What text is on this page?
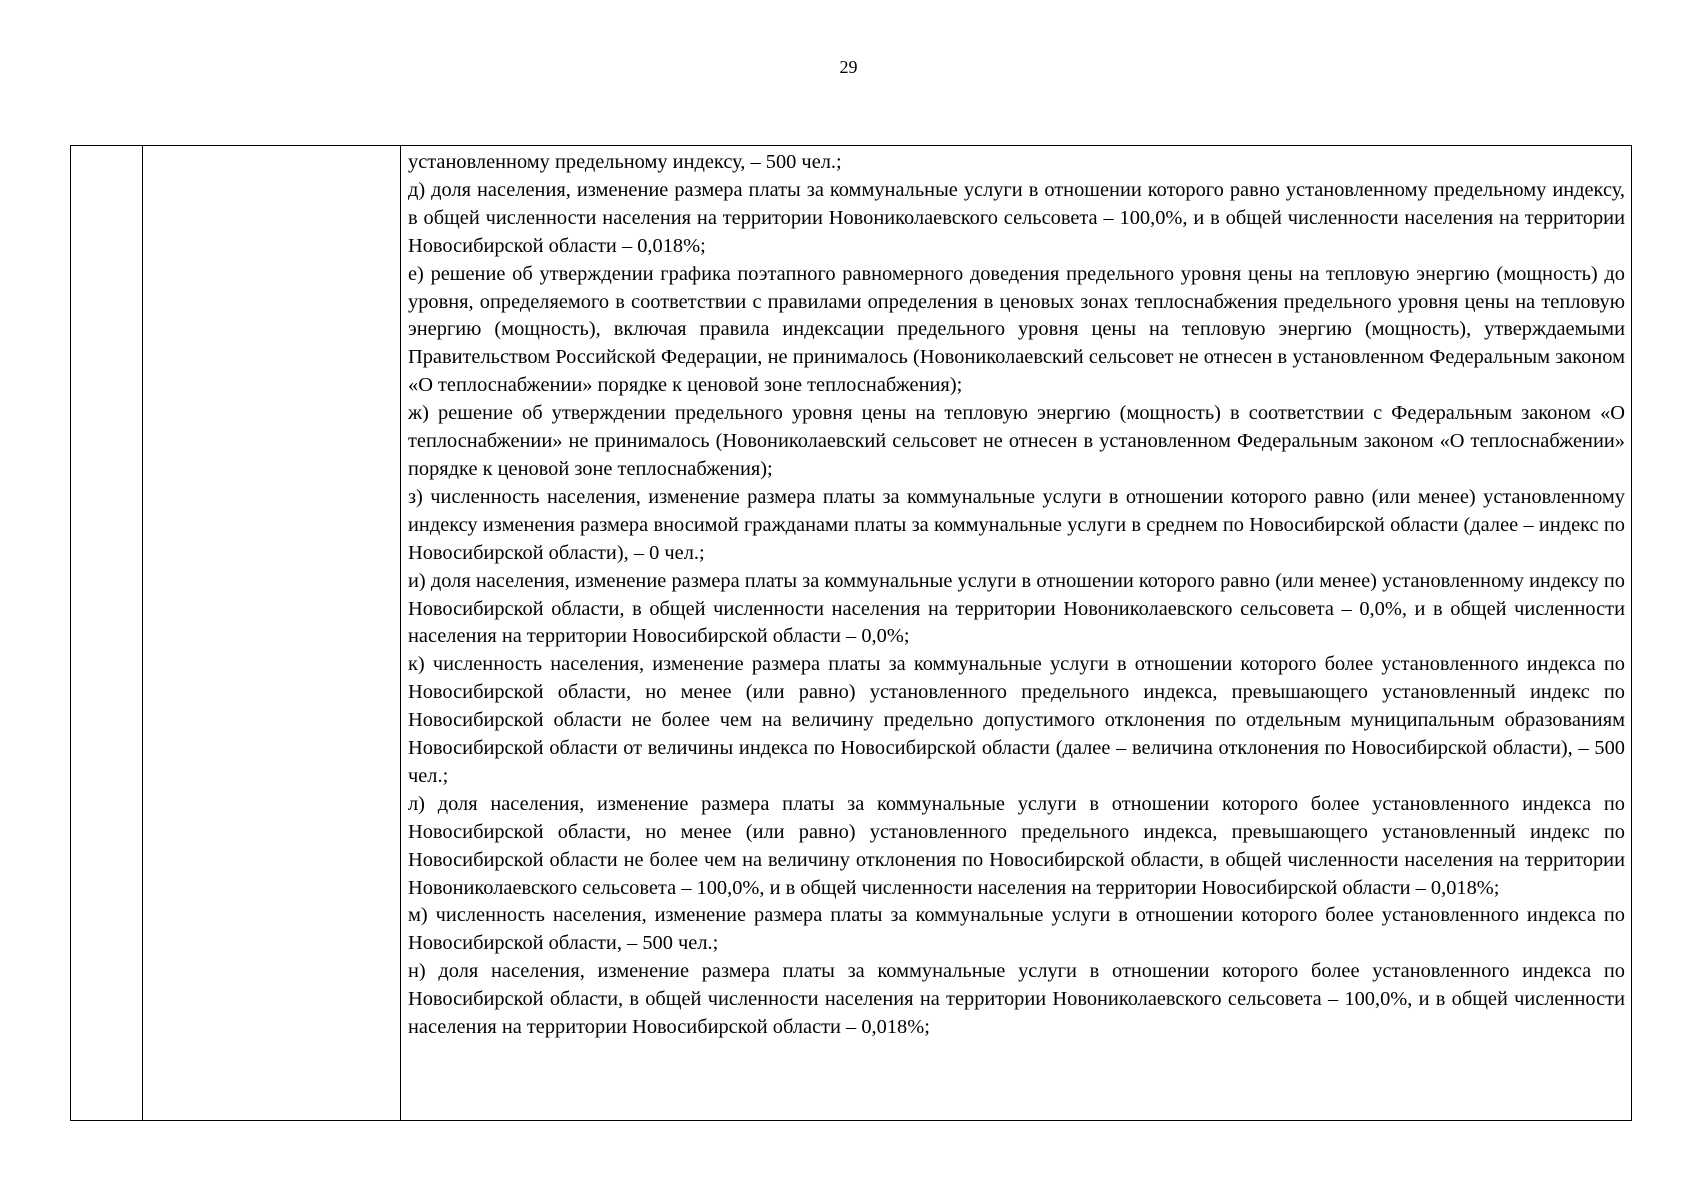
29

установленному предельному индексу, – 500 чел.;

д) доля населения, изменение размера платы за коммунальные услуги в отношении которого равно установленному предельному индексу, в общей численности населения на территории Новониколаевского сельсовета – 100,0%, и в общей численности населения на территории Новосибирской области – 0,018%;

е) решение об утверждении графика поэтапного равномерного доведения предельного уровня цены на тепловую энергию (мощность) до уровня, определяемого в соответствии с правилами определения в ценовых зонах теплоснабжения предельного уровня цены на тепловую энергию (мощность), включая правила индексации предельного уровня цены на тепловую энергию (мощность), утверждаемыми Правительством Российской Федерации, не принималось (Новониколаевский сельсовет не отнесен в установленном Федеральным законом «О теплоснабжении» порядке к ценовой зоне теплоснабжения);

ж) решение об утверждении предельного уровня цены на тепловую энергию (мощность) в соответствии с Федеральным законом «О теплоснабжении» не принималось (Новониколаевский сельсовет не отнесен в установленном Федеральным законом «О теплоснабжении» порядке к ценовой зоне теплоснабжения);

з) численность населения, изменение размера платы за коммунальные услуги в отношении которого равно (или менее) установленному индексу изменения размера вносимой гражданами платы за коммунальные услуги в среднем по Новосибирской области (далее – индекс по Новосибирской области), – 0 чел.;

и) доля населения, изменение размера платы за коммунальные услуги в отношении которого равно (или менее) установленному индексу по Новосибирской области, в общей численности населения на территории Новониколаевского сельсовета – 0,0%, и в общей численности населения на территории Новосибирской области – 0,0%;

к) численность населения, изменение размера платы за коммунальные услуги в отношении которого более установленного индекса по Новосибирской области, но менее (или равно) установленного предельного индекса, превышающего установленный индекс по Новосибирской области не более чем на величину предельно допустимого отклонения по отдельным муниципальным образованиям Новосибирской области от величины индекса по Новосибирской области (далее – величина отклонения по Новосибирской области), – 500 чел.;

л) доля населения, изменение размера платы за коммунальные услуги в отношении которого более установленного индекса по Новосибирской области, но менее (или равно) установленного предельного индекса, превышающего установленный индекс по Новосибирской области не более чем на величину отклонения по Новосибирской области, в общей численности населения на территории Новониколаевского сельсовета – 100,0%, и в общей численности населения на территории Новосибирской области – 0,018%;

м) численность населения, изменение размера платы за коммунальные услуги в отношении которого более установленного индекса по Новосибирской области, – 500 чел.;

н) доля населения, изменение размера платы за коммунальные услуги в отношении которого более установленного индекса по Новосибирской области, в общей численности населения на территории Новониколаевского сельсовета – 100,0%, и в общей численности населения на территории Новосибирской области – 0,018%;
